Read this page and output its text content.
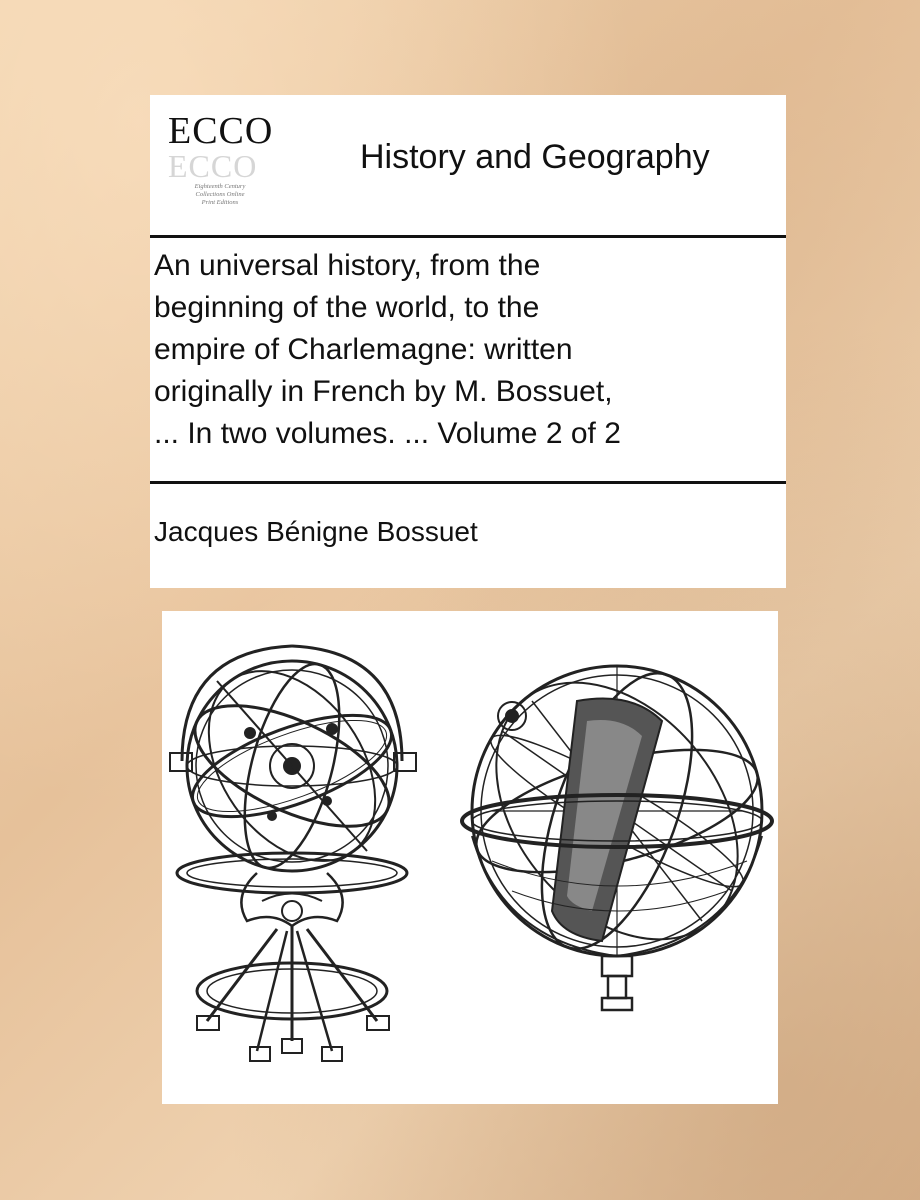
ECCO
ECCO
Eighteenth Century
Collections Online
Print Editions
History and Geography
An universal history, from the
beginning of the world, to the
empire of Charlemagne: written
originally in French by M. Bossuet,
... In two volumes. ... Volume 2 of 2
Jacques Bénigne Bossuet
